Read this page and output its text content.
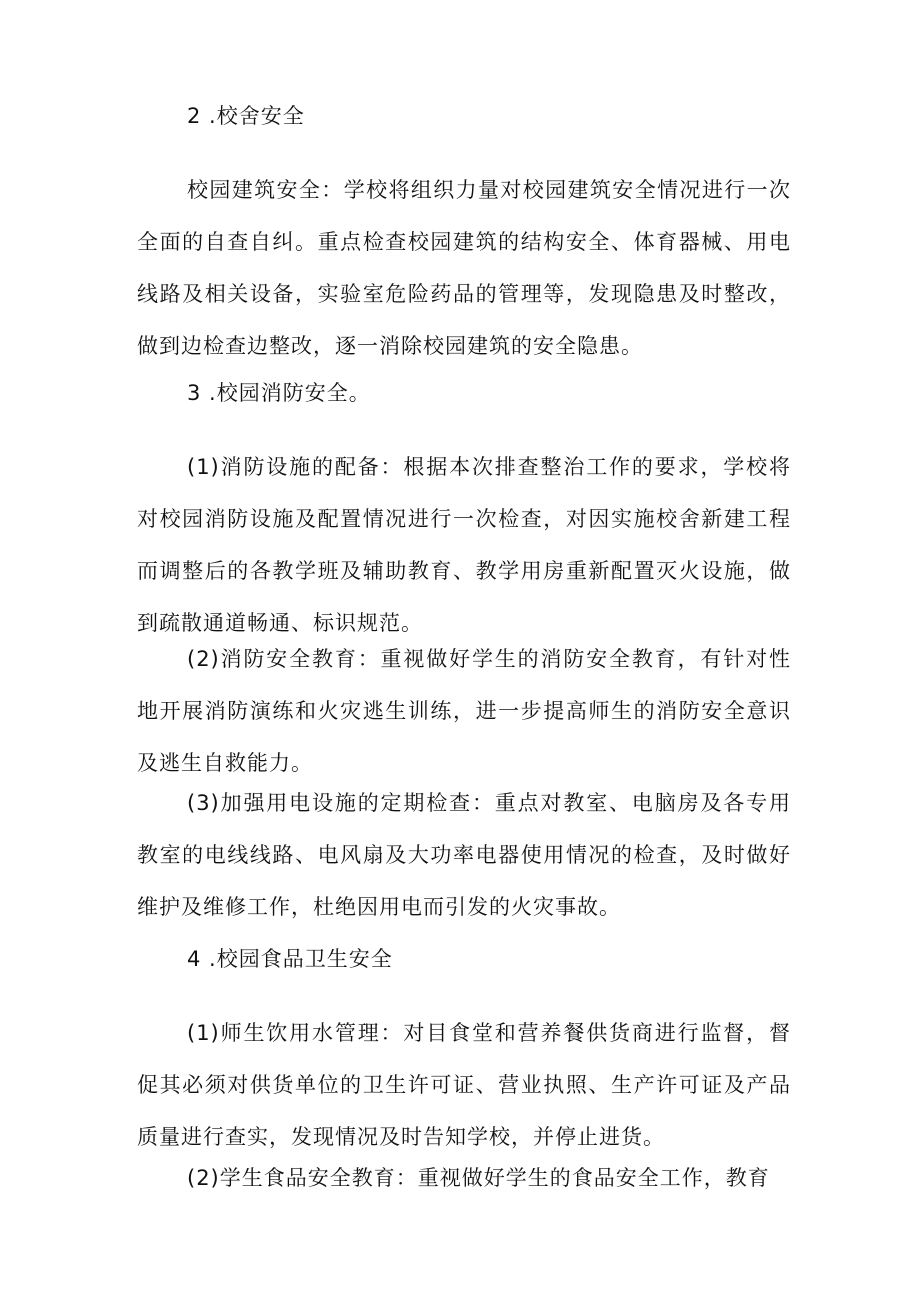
2 .校舍安全

校园建筑安全：学校将组织力量对校园建筑安全情况进行一次全面的自查自纠。重点检查校园建筑的结构安全、体育器械、用电线路及相关设备，实验室危险药品的管理等，发现隐患及时整改，做到边检查边整改，逐一消除校园建筑的安全隐患。

3 .校园消防安全。

(1)消防设施的配备：根据本次排查整治工作的要求，学校将对校园消防设施及配置情况进行一次检查，对因实施校舍新建工程而调整后的各教学班及辅助教育、教学用房重新配置灭火设施，做到疏散通道畅通、标识规范。

(2)消防安全教育：重视做好学生的消防安全教育，有针对性地开展消防演练和火灾逃生训练，进一步提高师生的消防安全意识及逃生自救能力。

(3)加强用电设施的定期检查：重点对教室、电脑房及各专用教室的电线线路、电风扇及大功率电器使用情况的检查，及时做好维护及维修工作，杜绝因用电而引发的火灾事故。

4 .校园食品卫生安全

(1)师生饮用水管理：对目食堂和营养餐供货商进行监督，督促其必须对供货单位的卫生许可证、营业执照、生产许可证及产品质量进行查实，发现情况及时告知学校，并停止进货。

(2)学生食品安全教育：重视做好学生的食品安全工作，教育
